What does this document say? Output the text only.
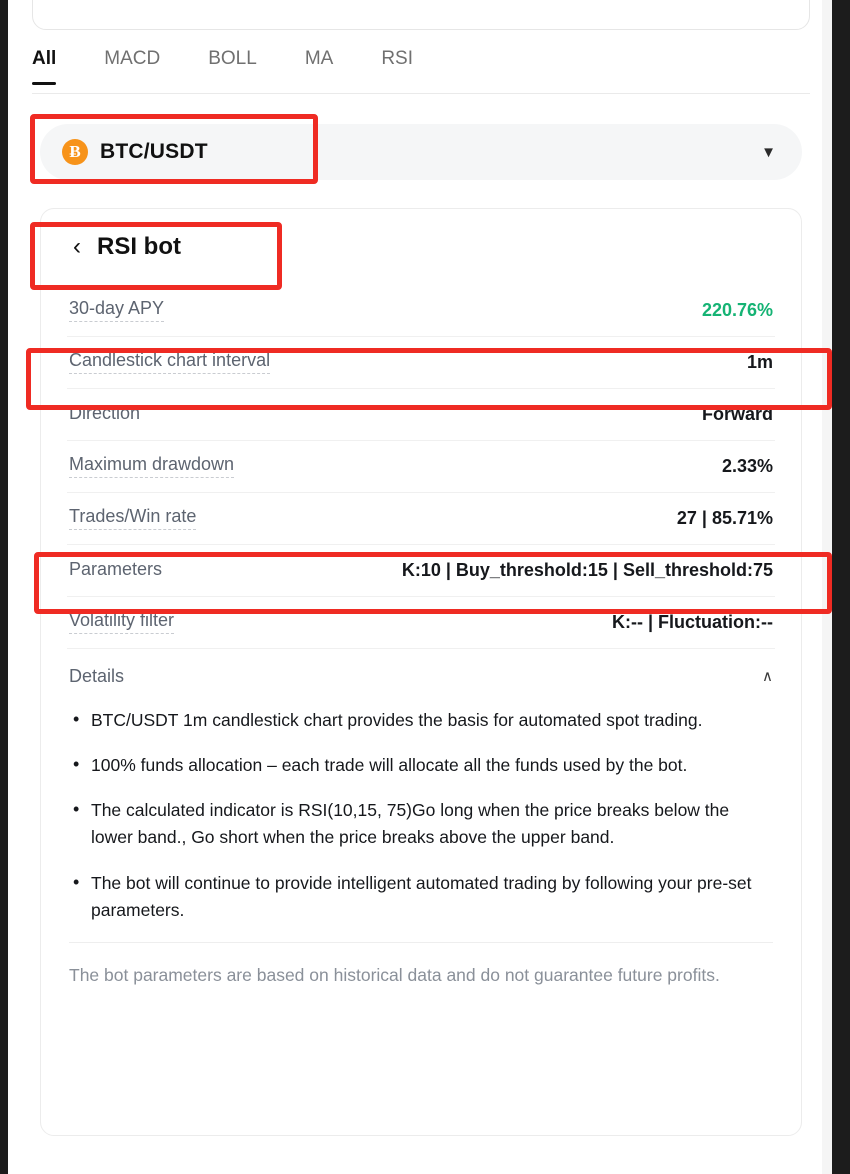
All	MACD	BOLL	MA	RSI
Ƀ BTC/USDT	▼
‹ RSI bot
30-day APY	220.76%
Candlestick chart interval	1m
Direction	Forward
Maximum drawdown	2.33%
Trades/Win rate	27 | 85.71%
Parameters	K:10 | Buy_threshold:15 | Sell_threshold:75
Volatility filter	K:-- | Fluctuation:--
Details	∧
• BTC/USDT 1m candlestick chart provides the basis for automated spot trading.
• 100% funds allocation – each trade will allocate all the funds used by the bot.
• The calculated indicator is RSI(10,15, 75)Go long when the price breaks below the lower band., Go short when the price breaks above the upper band.
• The bot will continue to provide intelligent automated trading by following your pre-set parameters.
The bot parameters are based on historical data and do not guarantee future profits.
